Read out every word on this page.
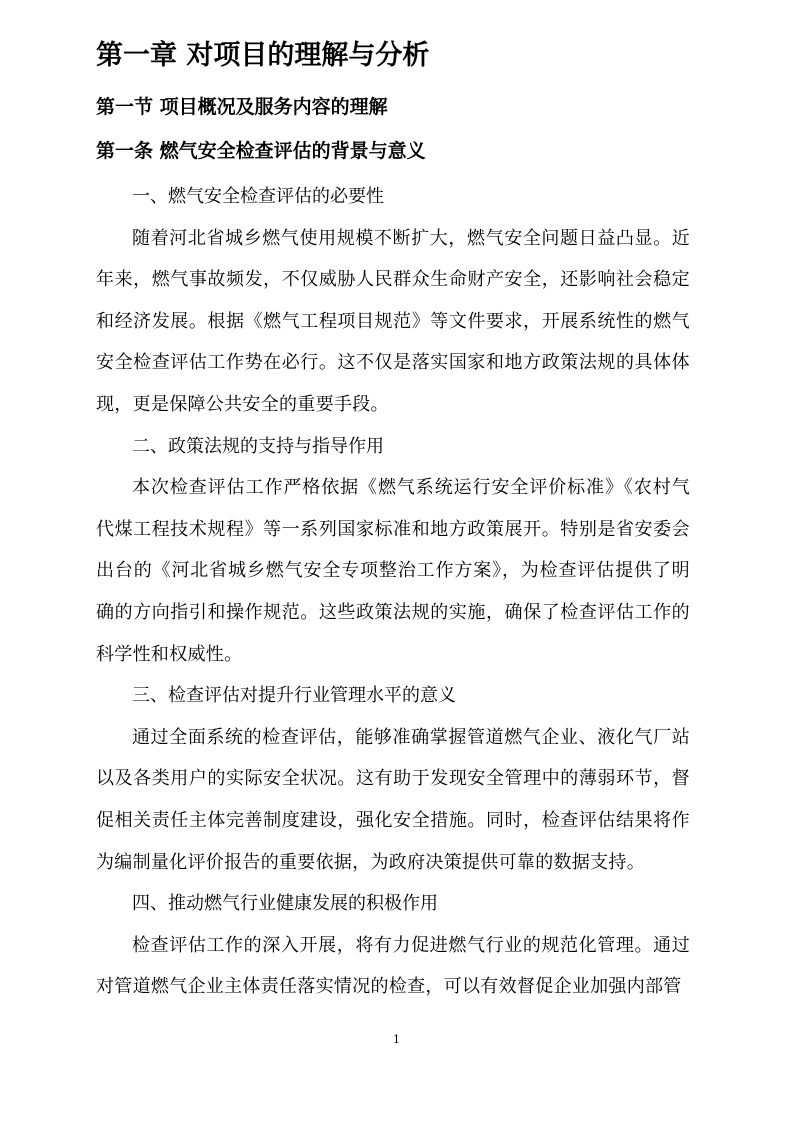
第一章 对项目的理解与分析
第一节 项目概况及服务内容的理解
第一条 燃气安全检查评估的背景与意义

一、燃气安全检查评估的必要性

随着河北省城乡燃气使用规模不断扩大，燃气安全问题日益凸显。近年来，燃气事故频发，不仅威胁人民群众生命财产安全，还影响社会稳定和经济发展。根据《燃气工程项目规范》等文件要求，开展系统性的燃气安全检查评估工作势在必行。这不仅是落实国家和地方政策法规的具体体现，更是保障公共安全的重要手段。

二、政策法规的支持与指导作用

本次检查评估工作严格依据《燃气系统运行安全评价标准》《农村气代煤工程技术规程》等一系列国家标准和地方政策展开。特别是省安委会出台的《河北省城乡燃气安全专项整治工作方案》，为检查评估提供了明确的方向指引和操作规范。这些政策法规的实施，确保了检查评估工作的科学性和权威性。

三、检查评估对提升行业管理水平的意义

通过全面系统的检查评估，能够准确掌握管道燃气企业、液化气厂站以及各类用户的实际安全状况。这有助于发现安全管理中的薄弱环节，督促相关责任主体完善制度建设，强化安全措施。同时，检查评估结果将作为编制量化评价报告的重要依据，为政府决策提供可靠的数据支持。

四、推动燃气行业健康发展的积极作用

检查评估工作的深入开展，将有力促进燃气行业的规范化管理。通过对管道燃气企业主体责任落实情况的检查，可以有效督促企业加强内部管

1
